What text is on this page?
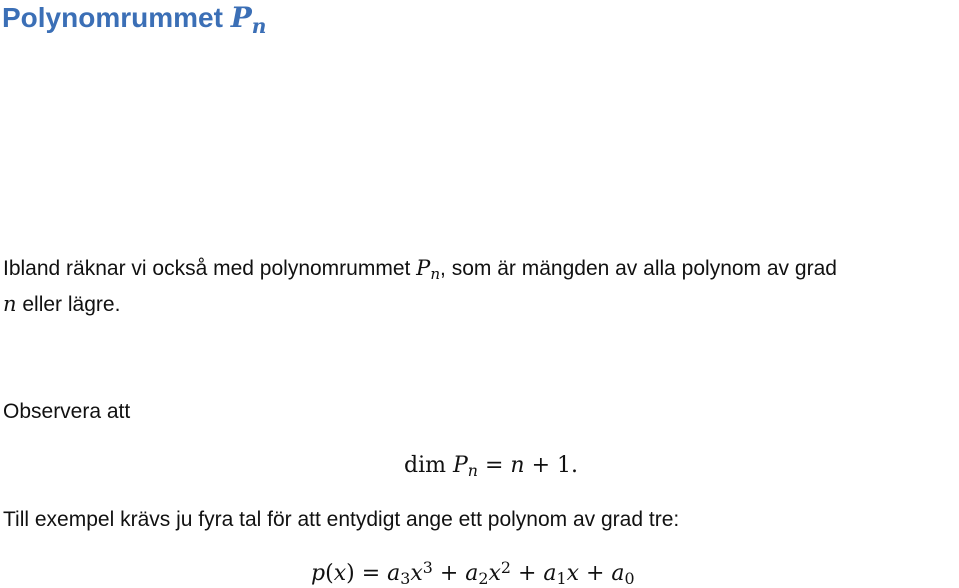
Polynomrummet $P_n$
Ibland räknar vi också med polynomrummet $P_n$, som är mängden av alla polynom av grad
n eller lägre.
Observera att
dim $P_n = n + 1$.
Till exempel krävs ju fyra tal för att entydigt ange ett polynom av grad tre:
$p(x) = a_3x^3 + a_2x^2 + a_1x + a_0$
